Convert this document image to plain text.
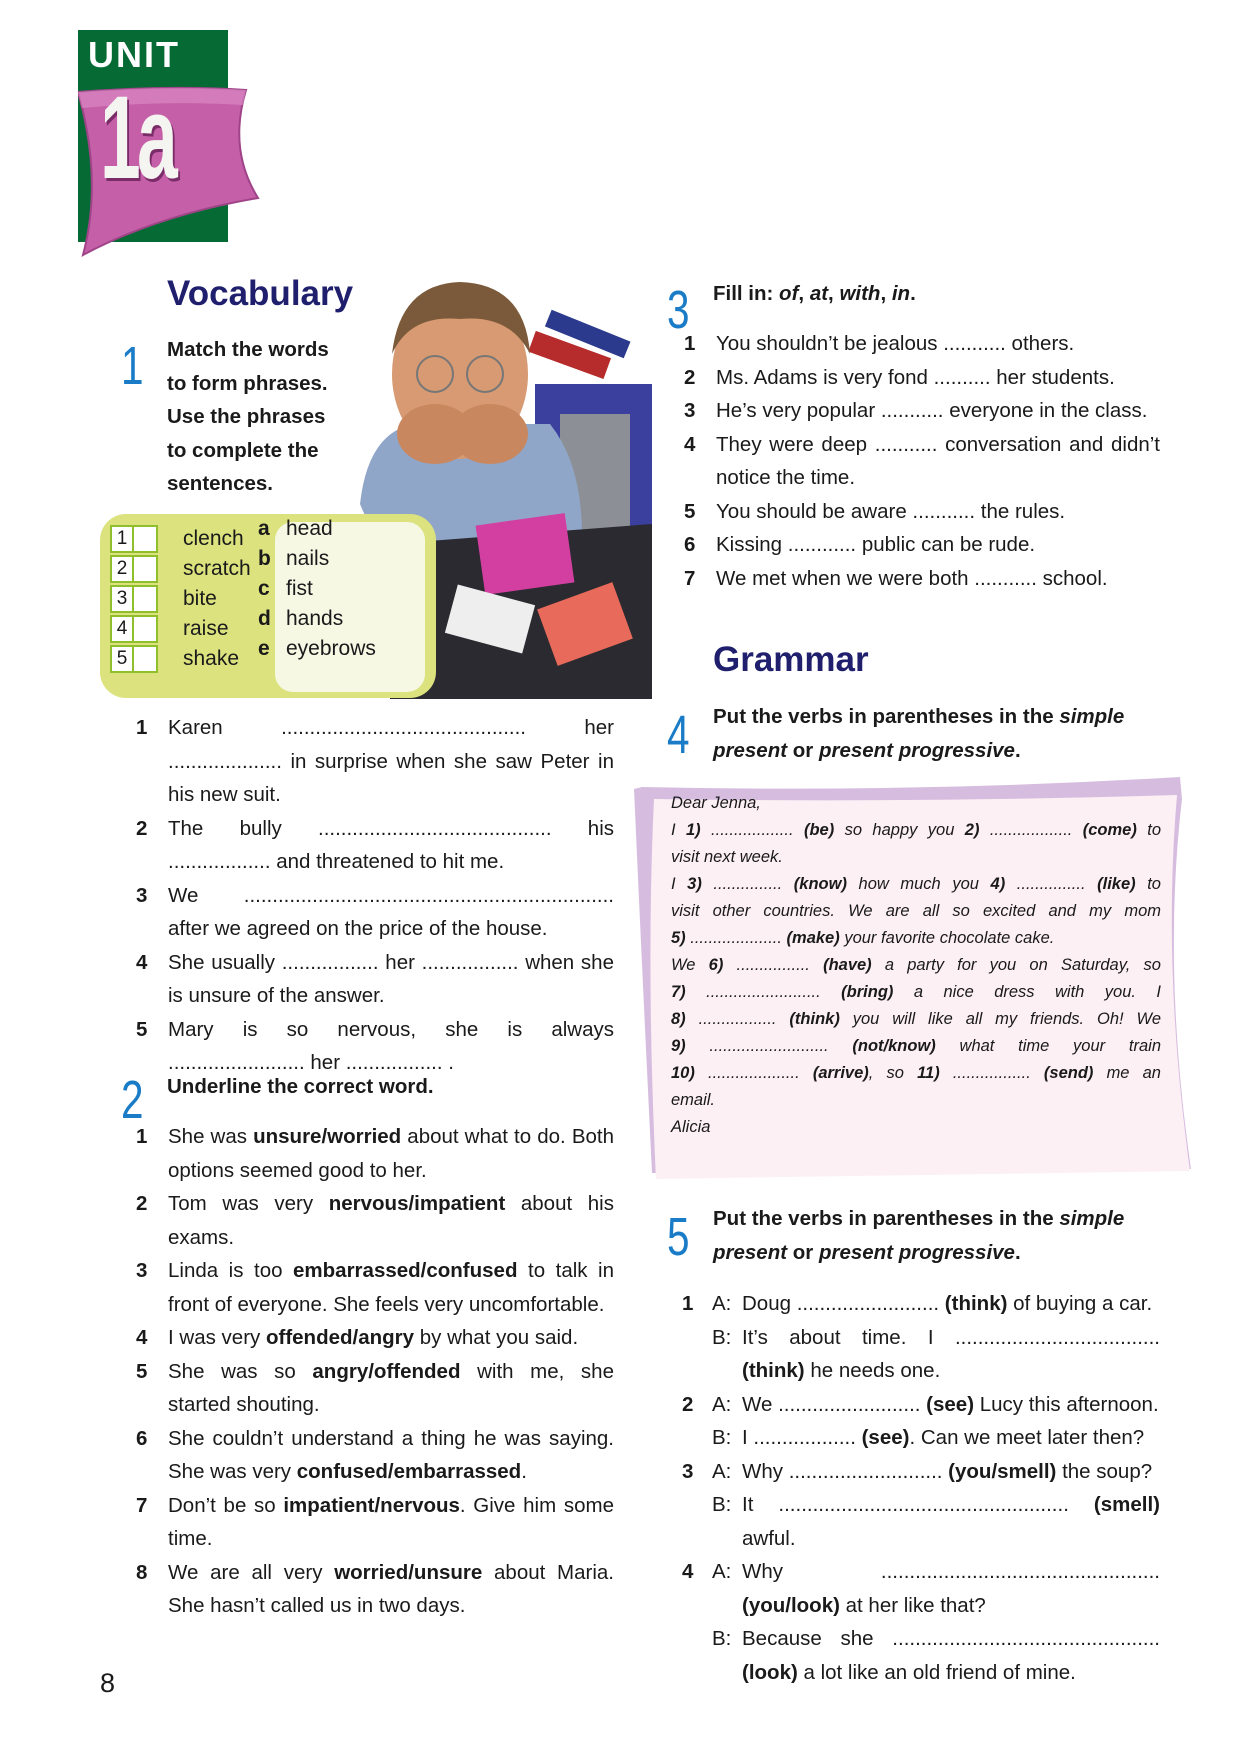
UNIT
1a
Vocabulary
1 Match the words
to form phrases.
Use the phrases
to complete the
sentences.
1	clench
2	scratch
3	bite
4	raise
5	shake
a head
b nails
c fist
d hands
e eyebrows
1	Karen ........................................... her .................... in surprise when she saw Peter in his new suit.
2	The bully ......................................... his .................. and threatened to hit me.
3	We ................................................................. after we agreed on the price of the house.
4	She usually ................. her ................. when she is unsure of the answer.
5	Mary is so nervous, she is always ........................ her ................. .
2 Underline the correct word.
1	She was unsure/worried about what to do. Both options seemed good to her.
2	Tom was very nervous/impatient about his exams.
3	Linda is too embarrassed/confused to talk in front of everyone. She feels very uncomfortable.
4	I was very offended/angry by what you said.
5	She was so angry/offended with me, she started shouting.
6	She couldn’t understand a thing he was saying. She was very confused/embarrassed.
7	Don’t be so impatient/nervous. Give him some time.
8	We are all very worried/unsure about Maria. She hasn’t called us in two days.
3 Fill in: of, at, with, in.
1	You shouldn’t be jealous ........... others.
2	Ms. Adams is very fond .......... her students.
3	He’s very popular ........... everyone in the class.
4	They were deep ........... conversation and didn’t notice the time.
5	You should be aware ........... the rules.
6	Kissing ............ public can be rude.
7	We met when we were both ........... school.
Grammar
4 Put the verbs in parentheses in the simple present or present progressive.
Dear Jenna,
I 1) .................. (be) so happy you 2) .................. (come) to
visit next week.
I 3) ............... (know) how much you 4) ............... (like) to
visit other countries. We are all so excited and my mom
5) .................... (make) your favorite chocolate cake.
We 6) ................ (have) a party for you on Saturday, so
7) ......................... (bring) a nice dress with you. I
8) ................. (think) you will like all my friends. Oh! We
9) .......................... (not/know) what time your train
10) .................... (arrive), so 11) ................. (send) me an
email.
Alicia
5 Put the verbs in parentheses in the simple present or present progressive.
1 A: Doug ......................... (think) of buying a car.
B: It’s about time. I .................................... (think) he needs one.
2 A: We ......................... (see) Lucy this afternoon.
B: I .................. (see). Can we meet later then?
3 A: Why ........................... (you/smell) the soup?
B: It ................................................... (smell) awful.
4 A: Why ................................................. (you/look) at her like that?
B: Because she ............................................... (look) a lot like an old friend of mine.
8
